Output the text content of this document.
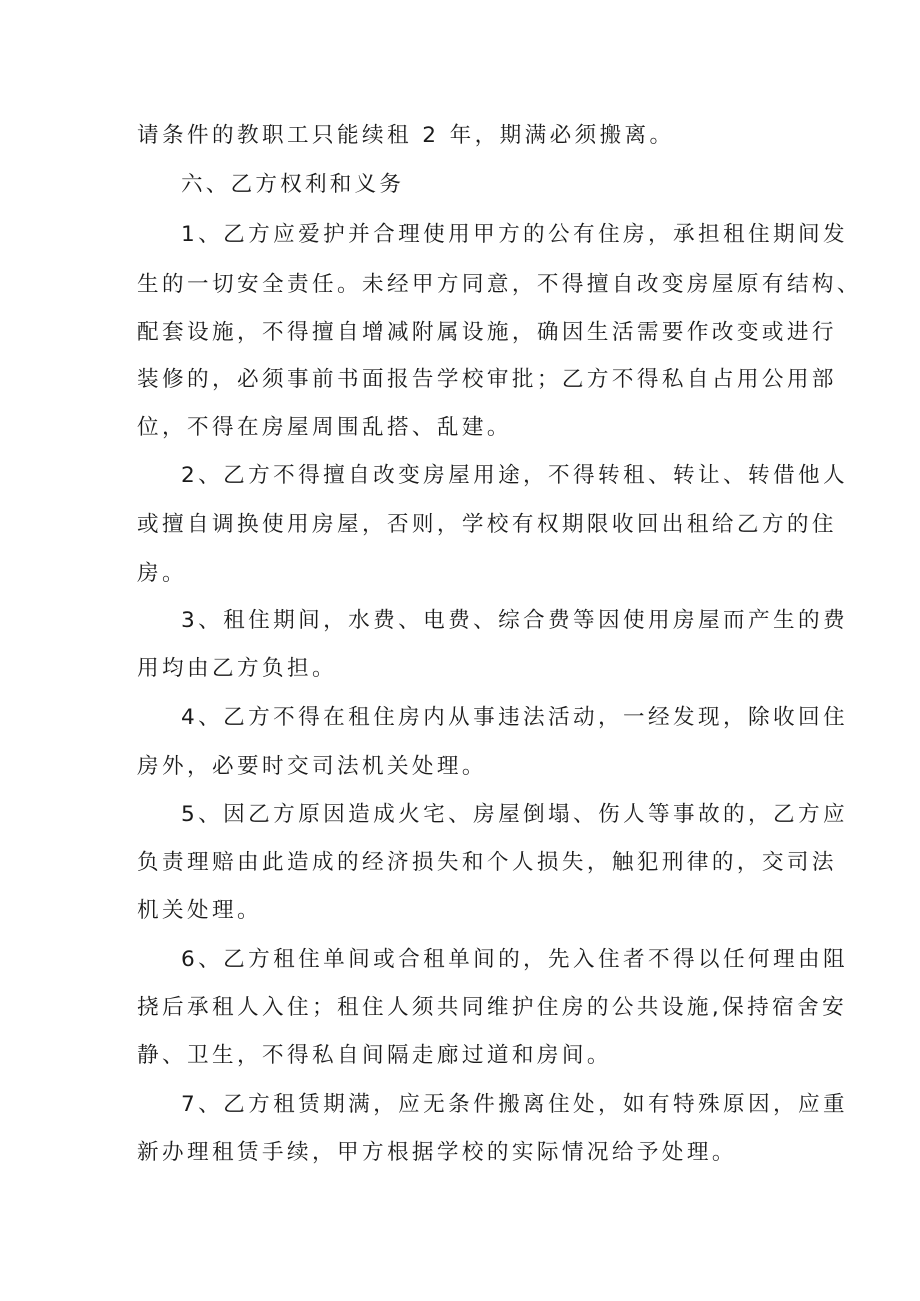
请条件的教职工只能续租 2 年，期满必须搬离。
六、乙方权利和义务
1、乙方应爱护并合理使用甲方的公有住房，承担租住期间发
生的一切安全责任。未经甲方同意，不得擅自改变房屋原有结构、
配套设施，不得擅自增减附属设施，确因生活需要作改变或进行
装修的，必须事前书面报告学校审批；乙方不得私自占用公用部
位，不得在房屋周围乱搭、乱建。
2、乙方不得擅自改变房屋用途，不得转租、转让、转借他人
或擅自调换使用房屋，否则，学校有权期限收回出租给乙方的住
房。
3、租住期间，水费、电费、综合费等因使用房屋而产生的费
用均由乙方负担。
4、乙方不得在租住房内从事违法活动，一经发现，除收回住
房外，必要时交司法机关处理。
5、因乙方原因造成火宅、房屋倒塌、伤人等事故的，乙方应
负责理赔由此造成的经济损失和个人损失，触犯刑律的，交司法
机关处理。
6、乙方租住单间或合租单间的，先入住者不得以任何理由阻
挠后承租人入住；租住人须共同维护住房的公共设施,保持宿舍安
静、卫生，不得私自间隔走廊过道和房间。
7、乙方租赁期满，应无条件搬离住处，如有特殊原因，应重
新办理租赁手续，甲方根据学校的实际情况给予处理。
